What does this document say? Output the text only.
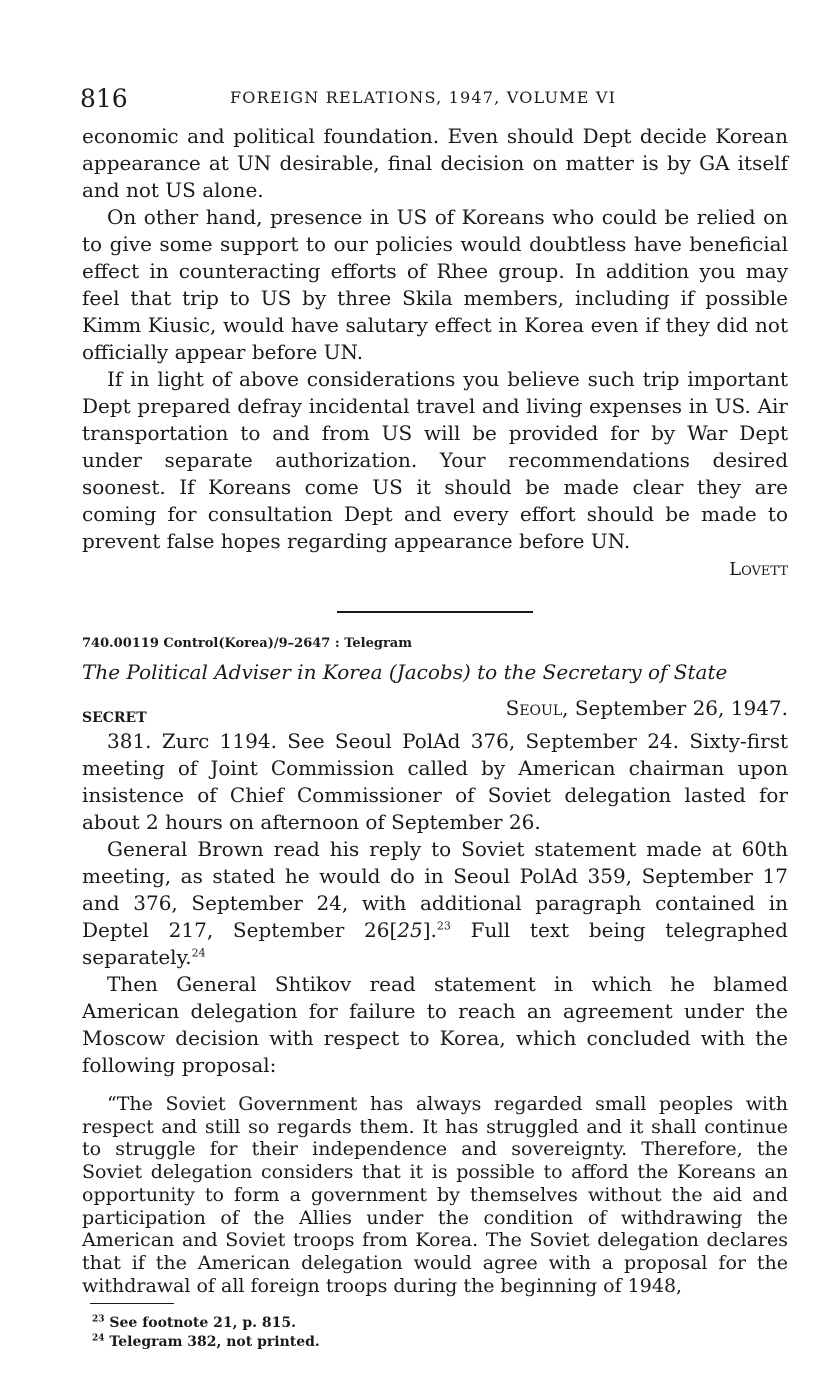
816	FOREIGN RELATIONS, 1947, VOLUME VI

economic and political foundation. Even should Dept decide Korean appearance at UN desirable, final decision on matter is by GA itself and not US alone.

On other hand, presence in US of Koreans who could be relied on to give some support to our policies would doubtless have beneficial effect in counteracting efforts of Rhee group. In addition you may feel that trip to US by three Skila members, including if possible Kimm Kiusic, would have salutary effect in Korea even if they did not officially appear before UN.

If in light of above considerations you believe such trip important Dept prepared defray incidental travel and living expenses in US. Air transportation to and from US will be provided for by War Dept under separate authorization. Your recommendations desired soonest. If Koreans come US it should be made clear they are coming for consultation Dept and every effort should be made to prevent false hopes regarding appearance before UN.

Lovett
740.00119 Control(Korea)/9–2647 : Telegram
The Political Adviser in Korea (Jacobs) to the Secretary of State
SECRET	Seoul, September 26, 1947.

381. Zurc 1194. See Seoul PolAd 376, September 24. Sixty-first meeting of Joint Commission called by American chairman upon insistence of Chief Commissioner of Soviet delegation lasted for about 2 hours on afternoon of September 26.

General Brown read his reply to Soviet statement made at 60th meeting, as stated he would do in Seoul PolAd 359, September 17 and 376, September 24, with additional paragraph contained in Deptel 217, September 26[25].$^{23}$ Full text being telegraphed separately.$^{24}$

Then General Shtikov read statement in which he blamed American delegation for failure to reach an agreement under the Moscow decision with respect to Korea, which concluded with the following proposal:

“The Soviet Government has always regarded small peoples with respect and still so regards them. It has struggled and it shall continue to struggle for their independence and sovereignty. Therefore, the Soviet delegation considers that it is possible to afford the Koreans an opportunity to form a government by themselves without the aid and participation of the Allies under the condition of withdrawing the American and Soviet troops from Korea. The Soviet delegation declares that if the American delegation would agree with a proposal for the withdrawal of all foreign troops during the beginning of 1948,

$^{23}$ See footnote 21, p. 815.
$^{24}$ Telegram 382, not printed.
